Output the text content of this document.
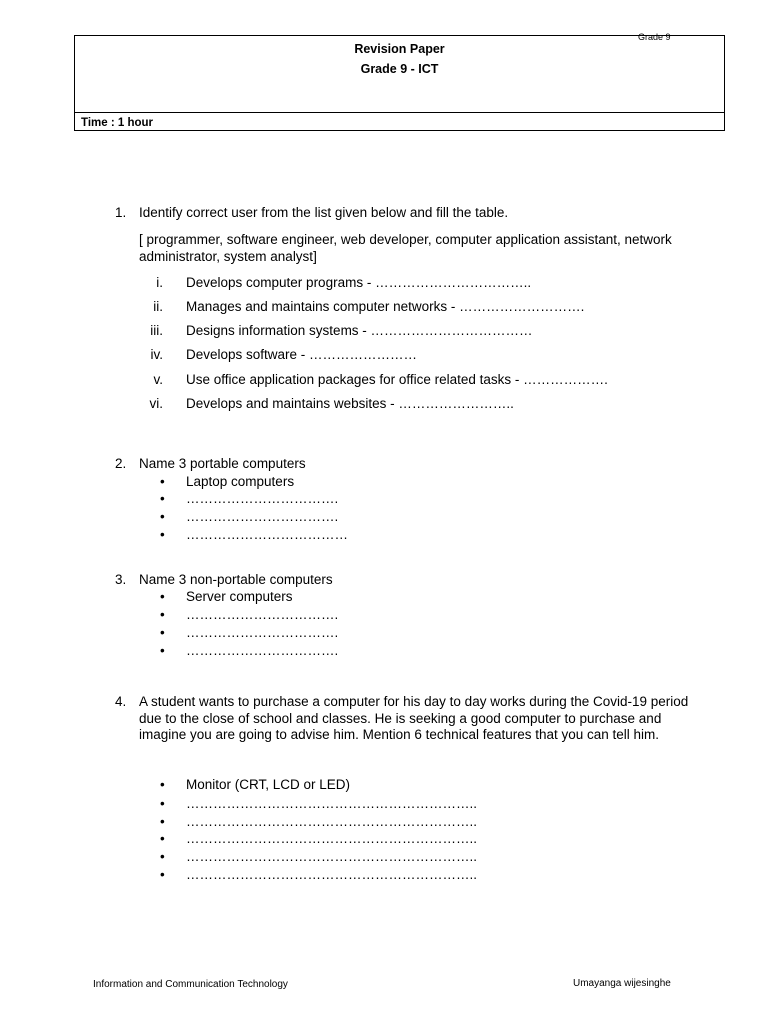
Grade 9
Revision Paper
Grade 9 - ICT
Time : 1 hour
1. Identify correct user from the list given below and fill the table.
[ programmer, software engineer, web developer, computer application assistant, network administrator, system analyst]
i. Develops computer programs - ……………………………..
ii. Manages and maintains computer networks - ……………………….
iii. Designs information systems - ………………………………
iv. Develops software - ……………………
v. Use office application packages for office related tasks - ……………….
vi. Develops and maintains websites - ……………………..
2. Name 3 portable computers
• Laptop computers
• …………………………….
• …………………………….
• ………………………………
3. Name 3 non-portable computers
• Server computers
• …………………………….
• …………………………….
• …………………………….
4. A student wants to purchase a computer for his day to day works during the Covid-19 period due to the close of school and classes. He is seeking a good computer to purchase and imagine you are going to advise him. Mention 6 technical features that you can tell him.
• Monitor (CRT, LCD or LED)
• ………………………………………………………..
• ………………………………………………………..
• ………………………………………………………..
• ………………………………………………………..
• ………………………………………………………..
Information and Communication Technology	Umayanga wijesinghe
